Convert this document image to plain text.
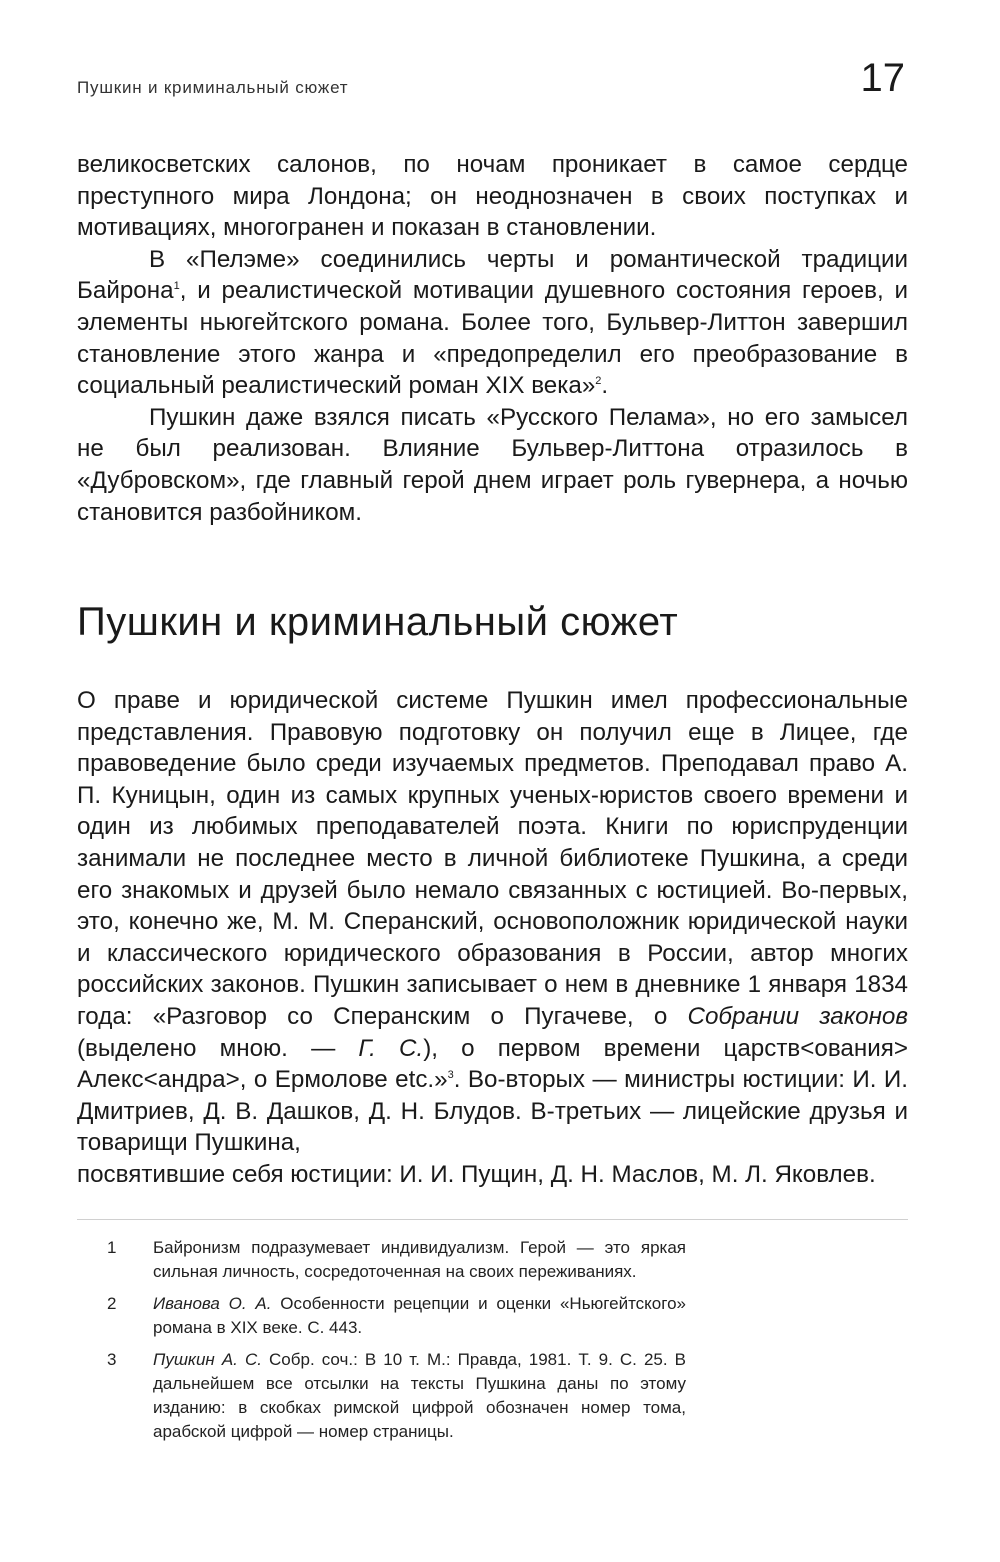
Пушкин и криминальный сюжет	17

великосветских салонов, по ночам проникает в самое сердце преступного мира Лондона; он неоднозначен в своих поступках и мотивациях, многогранен и показан в становлении.

В «Пелэме» соединились черты и романтической традиции Байрона$^1$, и реалистической мотивации душевного состояния героев, и элементы ньюгейтского романа. Более того, Бульвер-Литтон завершил становление этого жанра и «предопределил его преобразование в социальный реалистический роман XIX века»$^2$.

Пушкин даже взялся писать «Русского Пелама», но его замысел не был реализован. Влияние Бульвер-Литтона отразилось в «Дубровском», где главный герой днем играет роль гувернера, а ночью становится разбойником.

Пушкин и криминальный сюжет

О праве и юридической системе Пушкин имел профессиональные представления. Правовую подготовку он получил еще в Лицее, где правоведение было среди изучаемых предметов. Преподавал право А. П. Куницын, один из самых крупных ученых-юристов своего времени и один из любимых преподавателей поэта. Книги по юриспруденции занимали не последнее место в личной библиотеке Пушкина, а среди его знакомых и друзей было немало связанных с юстицией. Во-первых, это, конечно же, М. М. Сперанский, основоположник юридической науки и классического юридического образования в России, автор многих российских законов. Пушкин записывает о нем в дневнике 1 января 1834 года: «Разговор со Сперанским о Пугачеве, о Собрании законов (выделено мною. — Г. С.), о первом времени царств<ования> Алекс<андра>, о Ермолове etc.»$^3$. Во-вторых — министры юстиции: И. И. Дмитриев, Д. В. Дашков, Д. Н. Блудов. В-третьих — лицейские друзья и товарищи Пушкина,
посвятившие себя юстиции: И. И. Пущин, Д. Н. Маслов, М. Л. Яковлев.

1	Байронизм подразумевает индивидуализм. Герой — это яркая сильная личность, сосредоточенная на своих переживаниях.
2	Иванова О. А. Особенности рецепции и оценки «Ньюгейтского» романа в XIX веке. С. 443.
3	Пушкин А. С. Собр. соч.: В 10 т. М.: Правда, 1981. Т. 9. С. 25. В дальнейшем все отсылки на тексты Пушкина даны по этому изданию: в скобках римской цифрой обозначен номер тома, арабской цифрой — номер страницы.
